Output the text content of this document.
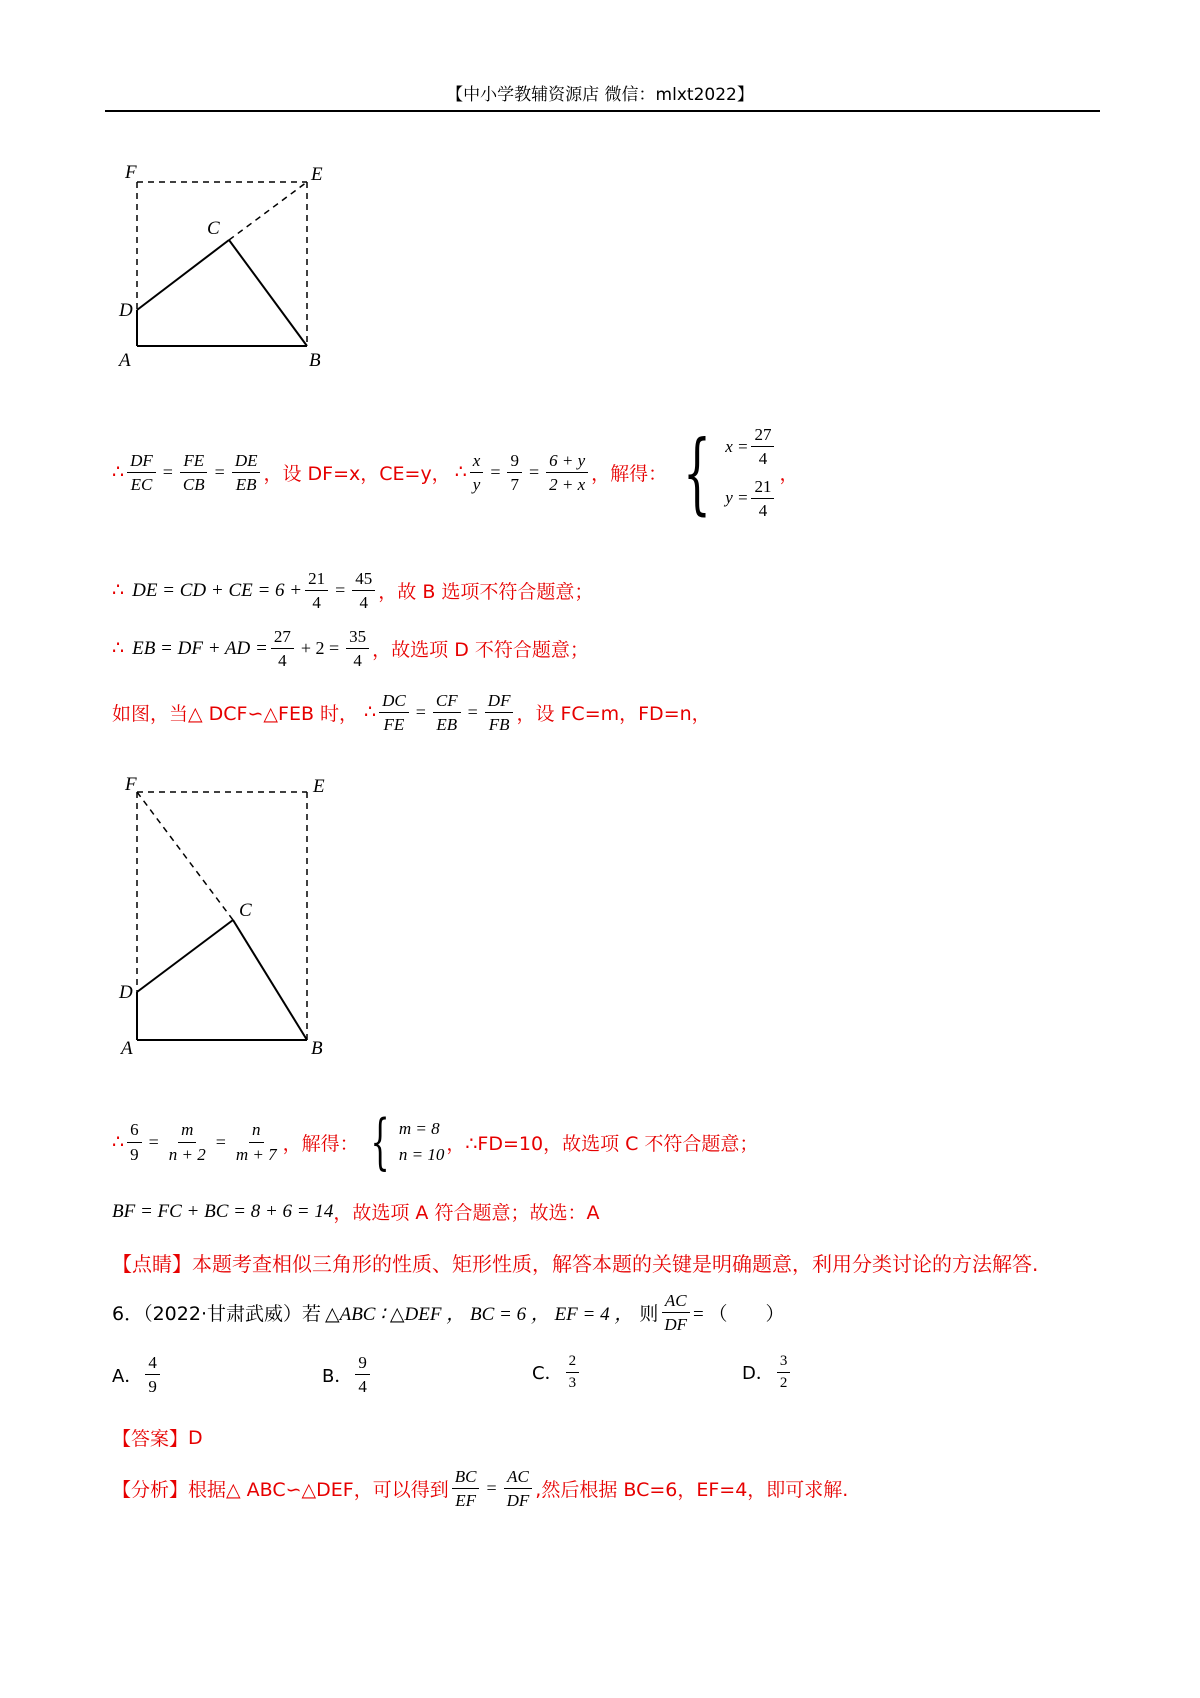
【中小学教辅资源店 微信：mlxt2022】
F	E
C
D
A	B
∴ $\frac{DF}{EC} = \frac{FE}{CB} = \frac{DE}{EB}$ ，设 DF=x，CE=y， ∴ $\frac{x}{y} = \frac{9}{7} = \frac{6 + y}{2 + x}$ ，解得： { $x = \frac{27}{4}$
$y = \frac{21}{4}$
，
∴ DE = CD + CE = $6 + \frac{21}{4} = \frac{45}{4}$ ，故 B 选项不符合题意；
∴ EB = DF + AD = $\frac{27}{4} + 2 = \frac{35}{4}$ ，故选项 D 不符合题意；
如图，当△ DCF∽△FEB 时， ∴ $\frac{DC}{FE} = \frac{CF}{EB} = \frac{DF}{FB}$ ，设 FC=m，FD=n，
F	E
C
D
A	B
∴ $\frac{6}{9} = \frac{m}{n + 2} = \frac{n}{m + 7}$ ，解得： { m = 8
n = 10 ，∴FD=10，故选项 C 不符合题意；
BF = FC + BC = 8 + 6 = 14 ，故选项 A 符合题意；故选：A
【点睛】本题考查相似三角形的性质、矩形性质，解答本题的关键是明确题意，利用分类讨论的方法解答.
6．（2022·甘肃武威）若 △ABC ∶ △DEF ， BC = 6 ， EF = 4 ， 则 $\frac{AC}{DF}$ = （　　）
A． $\frac{4}{9}$	B． $\frac{9}{4}$	C． $\frac{2}{3}$	D． $\frac{3}{2}$
【答案】 D
【分析】 根据△ ABC∽△DEF，可以得到 $\frac{BC}{EF} = \frac{AC}{DF}$ ,然后根据 BC=6，EF=4，即可求解.
